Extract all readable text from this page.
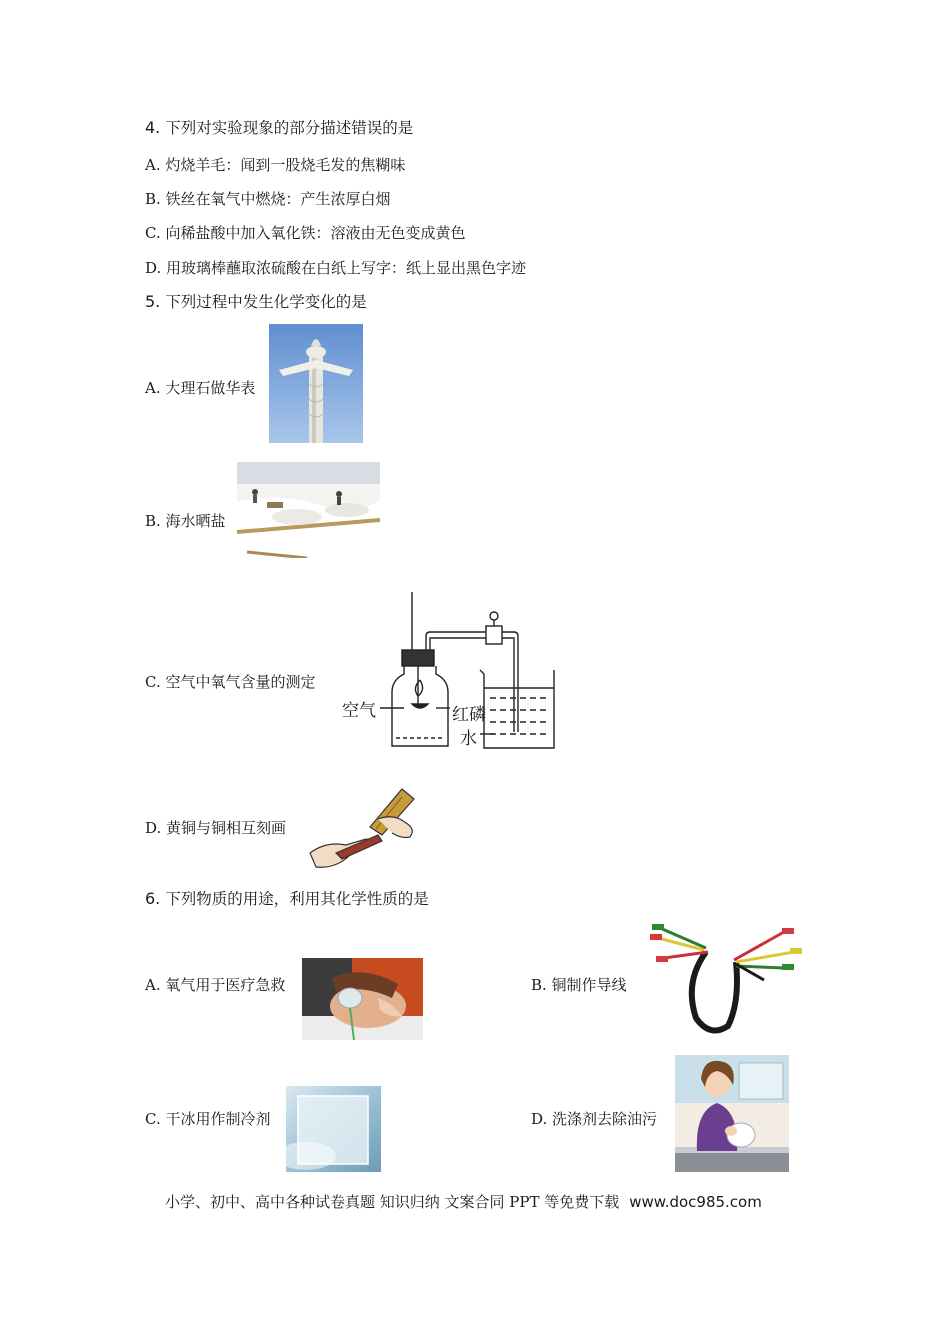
4. 下列对实验现象的部分描述错误的是
A. 灼烧羊毛：闻到一股烧毛发的焦糊味
B. 铁丝在氧气中燃烧：产生浓厚白烟
C. 向稀盐酸中加入氧化铁：溶液由无色变成黄色
D. 用玻璃棒蘸取浓硫酸在白纸上写字：纸上显出黑色字迹
5. 下列过程中发生化学变化的是
A. 大理石做华表
B. 海水晒盐
C. 空气中氧气含量的测定
空气	红磷
水
D. 黄铜与铜相互刻画
6. 下列物质的用途，利用其化学性质的是
A. 氧气用于医疗急救	B. 铜制作导线
C. 干冰用作制冷剂	D. 洗涤剂去除油污
小学、初中、高中各种试卷真题 知识归纳 文案合同 PPT 等免费下载 www.doc985.com
